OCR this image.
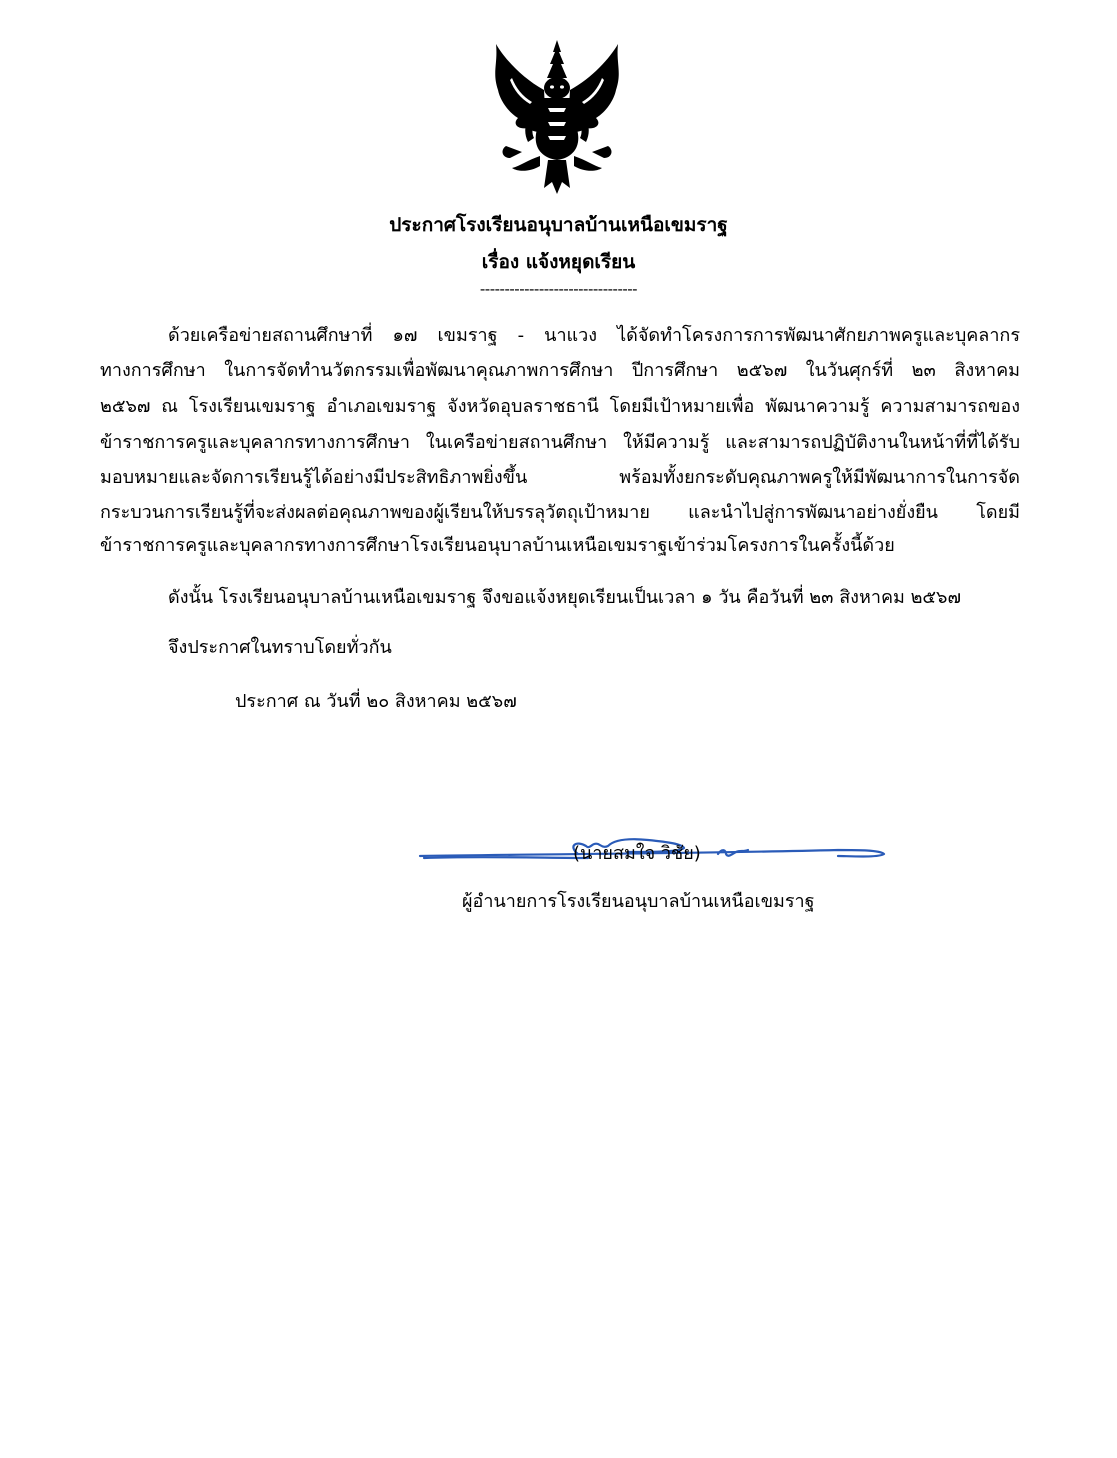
ประกาศโรงเรียนอนุบาลบ้านเหนือเขมราฐ
เรื่อง แจ้งหยุดเรียน
--------------------------------
ด้วยเครือข่ายสถานศึกษาที่ ๑๗ เขมราฐ - นาแวง ได้จัดทำโครงการการพัฒนาศักยภาพครูและบุคลากร
ทางการศึกษา ในการจัดทำนวัตกรรมเพื่อพัฒนาคุณภาพการศึกษา ปีการศึกษา ๒๕๖๗ ในวันศุกร์ที่ ๒๓ สิงหาคม
๒๕๖๗ ณ โรงเรียนเขมราฐ อำเภอเขมราฐ จังหวัดอุบลราชธานี โดยมีเป้าหมายเพื่อ พัฒนาความรู้ ความสามารถของ
ข้าราชการครูและบุคลากรทางการศึกษา ในเครือข่ายสถานศึกษา ให้มีความรู้ และสามารถปฏิบัติงานในหน้าที่ที่ได้รับ
มอบหมายและจัดการเรียนรู้ได้อย่างมีประสิทธิภาพยิ่งขึ้น พร้อมทั้งยกระดับคุณภาพครูให้มีพัฒนาการในการจัด
กระบวนการเรียนรู้ที่จะส่งผลต่อคุณภาพของผู้เรียนให้บรรลุวัตถุเป้าหมาย และนำไปสู่การพัฒนาอย่างยั่งยืน โดยมี
ข้าราชการครูและบุคลากรทางการศึกษาโรงเรียนอนุบาลบ้านเหนือเขมราฐเข้าร่วมโครงการในครั้งนี้ด้วย
ดังนั้น โรงเรียนอนุบาลบ้านเหนือเขมราฐ จึงขอแจ้งหยุดเรียนเป็นเวลา ๑ วัน คือวันที่ ๒๓ สิงหาคม ๒๕๖๗
จึงประกาศในทราบโดยทั่วกัน
ประกาศ ณ วันที่ ๒๐ สิงหาคม ๒๕๖๗
(นายสมใจ วิชัย)
ผู้อำนายการโรงเรียนอนุบาลบ้านเหนือเขมราฐ
